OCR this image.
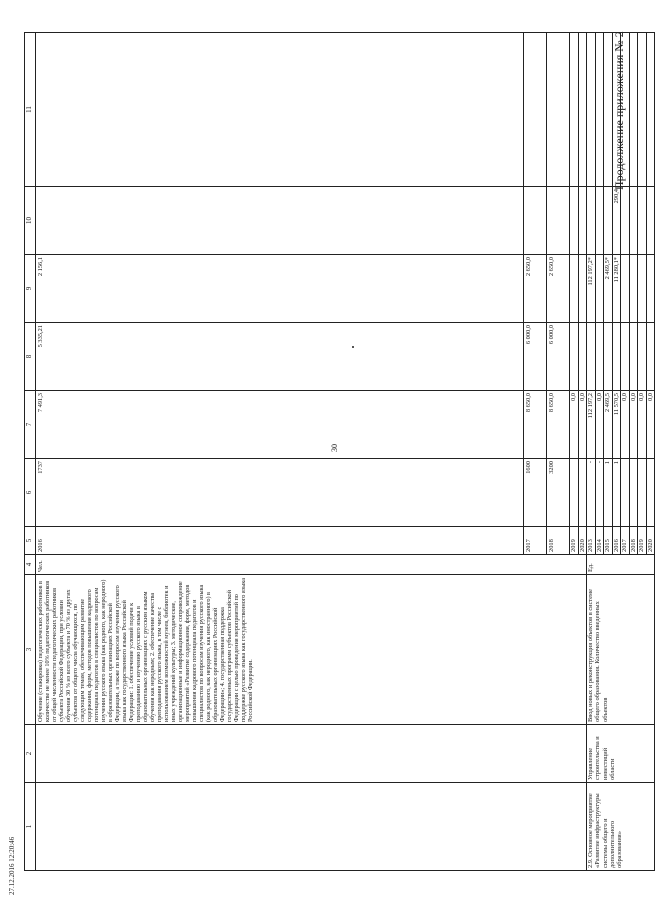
Продолжение приложения № 2
30
27.12.2016 12:20:46
1	2	3	4	5	6	7	8	9	10	11
		Обучение (стажировка) педагогических работников в количестве не менее 10% педагогических работников от общей численности педагогических работников субъекта Российской Федерации, при условии обучения 30 % из всего субъекта и 70 % из других субъектов от общего числа обучающихся, по следующим темам, обеспечивающим развитие содержания, форм, методов повышения кадрового потенциала педагогов в специалистов по вопросам изучения русского языка (как родного, как неродного) в образовательных организациях Российской Федерации, а также по вопросам изучения русского языка как государственного языка Российской Федерации: 1. обеспечение условий подачи к преподаванию и изучению русского языка в образовательных организациях с русским языком обучения как неродным; 2. обеспечение качества преподавания русского языка, в том числе с использованием возможностей музеев, библиотек и иных учреждений культуры; 3. методические, организационные и информационное сопровождение мероприятий «Развитие содержания, форм, методов повышения кадрового потенциала педагогов и специалистов по вопросам изучения русского языка (как родного, как неродного, как иностранного) в образовательных организациях Российской Федерации»; 4. государственная поддержка государственных программ субъектов Российской Федерации с целью проведения мероприятий по поддержке русского языка как государственного языка Российской Федерации.	Чел.	2016	1737	7 491,3	5 335,21	2 156,1		
				2017	1600	8 650,0	6 000,0	2 650,0		
				2018	3200	8 650,0	6 000,0	2 650,0		
				2019		0,0				
				2020		0,0				
2.9. Основное мероприятие «Развитие инфраструктуры системы общего и дополнительного образования»	Управление строительства и инвестиций области	Ввод новых и реконструкция объектов в системе общего образования. Количество введенных объектов	Ед.	2013	-	112 197,2		112 197,2*		
				2014	-	0,0				
				2015	1	2 469,5		2 469,5*		
				2016	1	11 570,5		11 280,1*	290,4	
				2017		0,0				
				2018		0,0				
				2019		0,0				
				2020		0,0				
